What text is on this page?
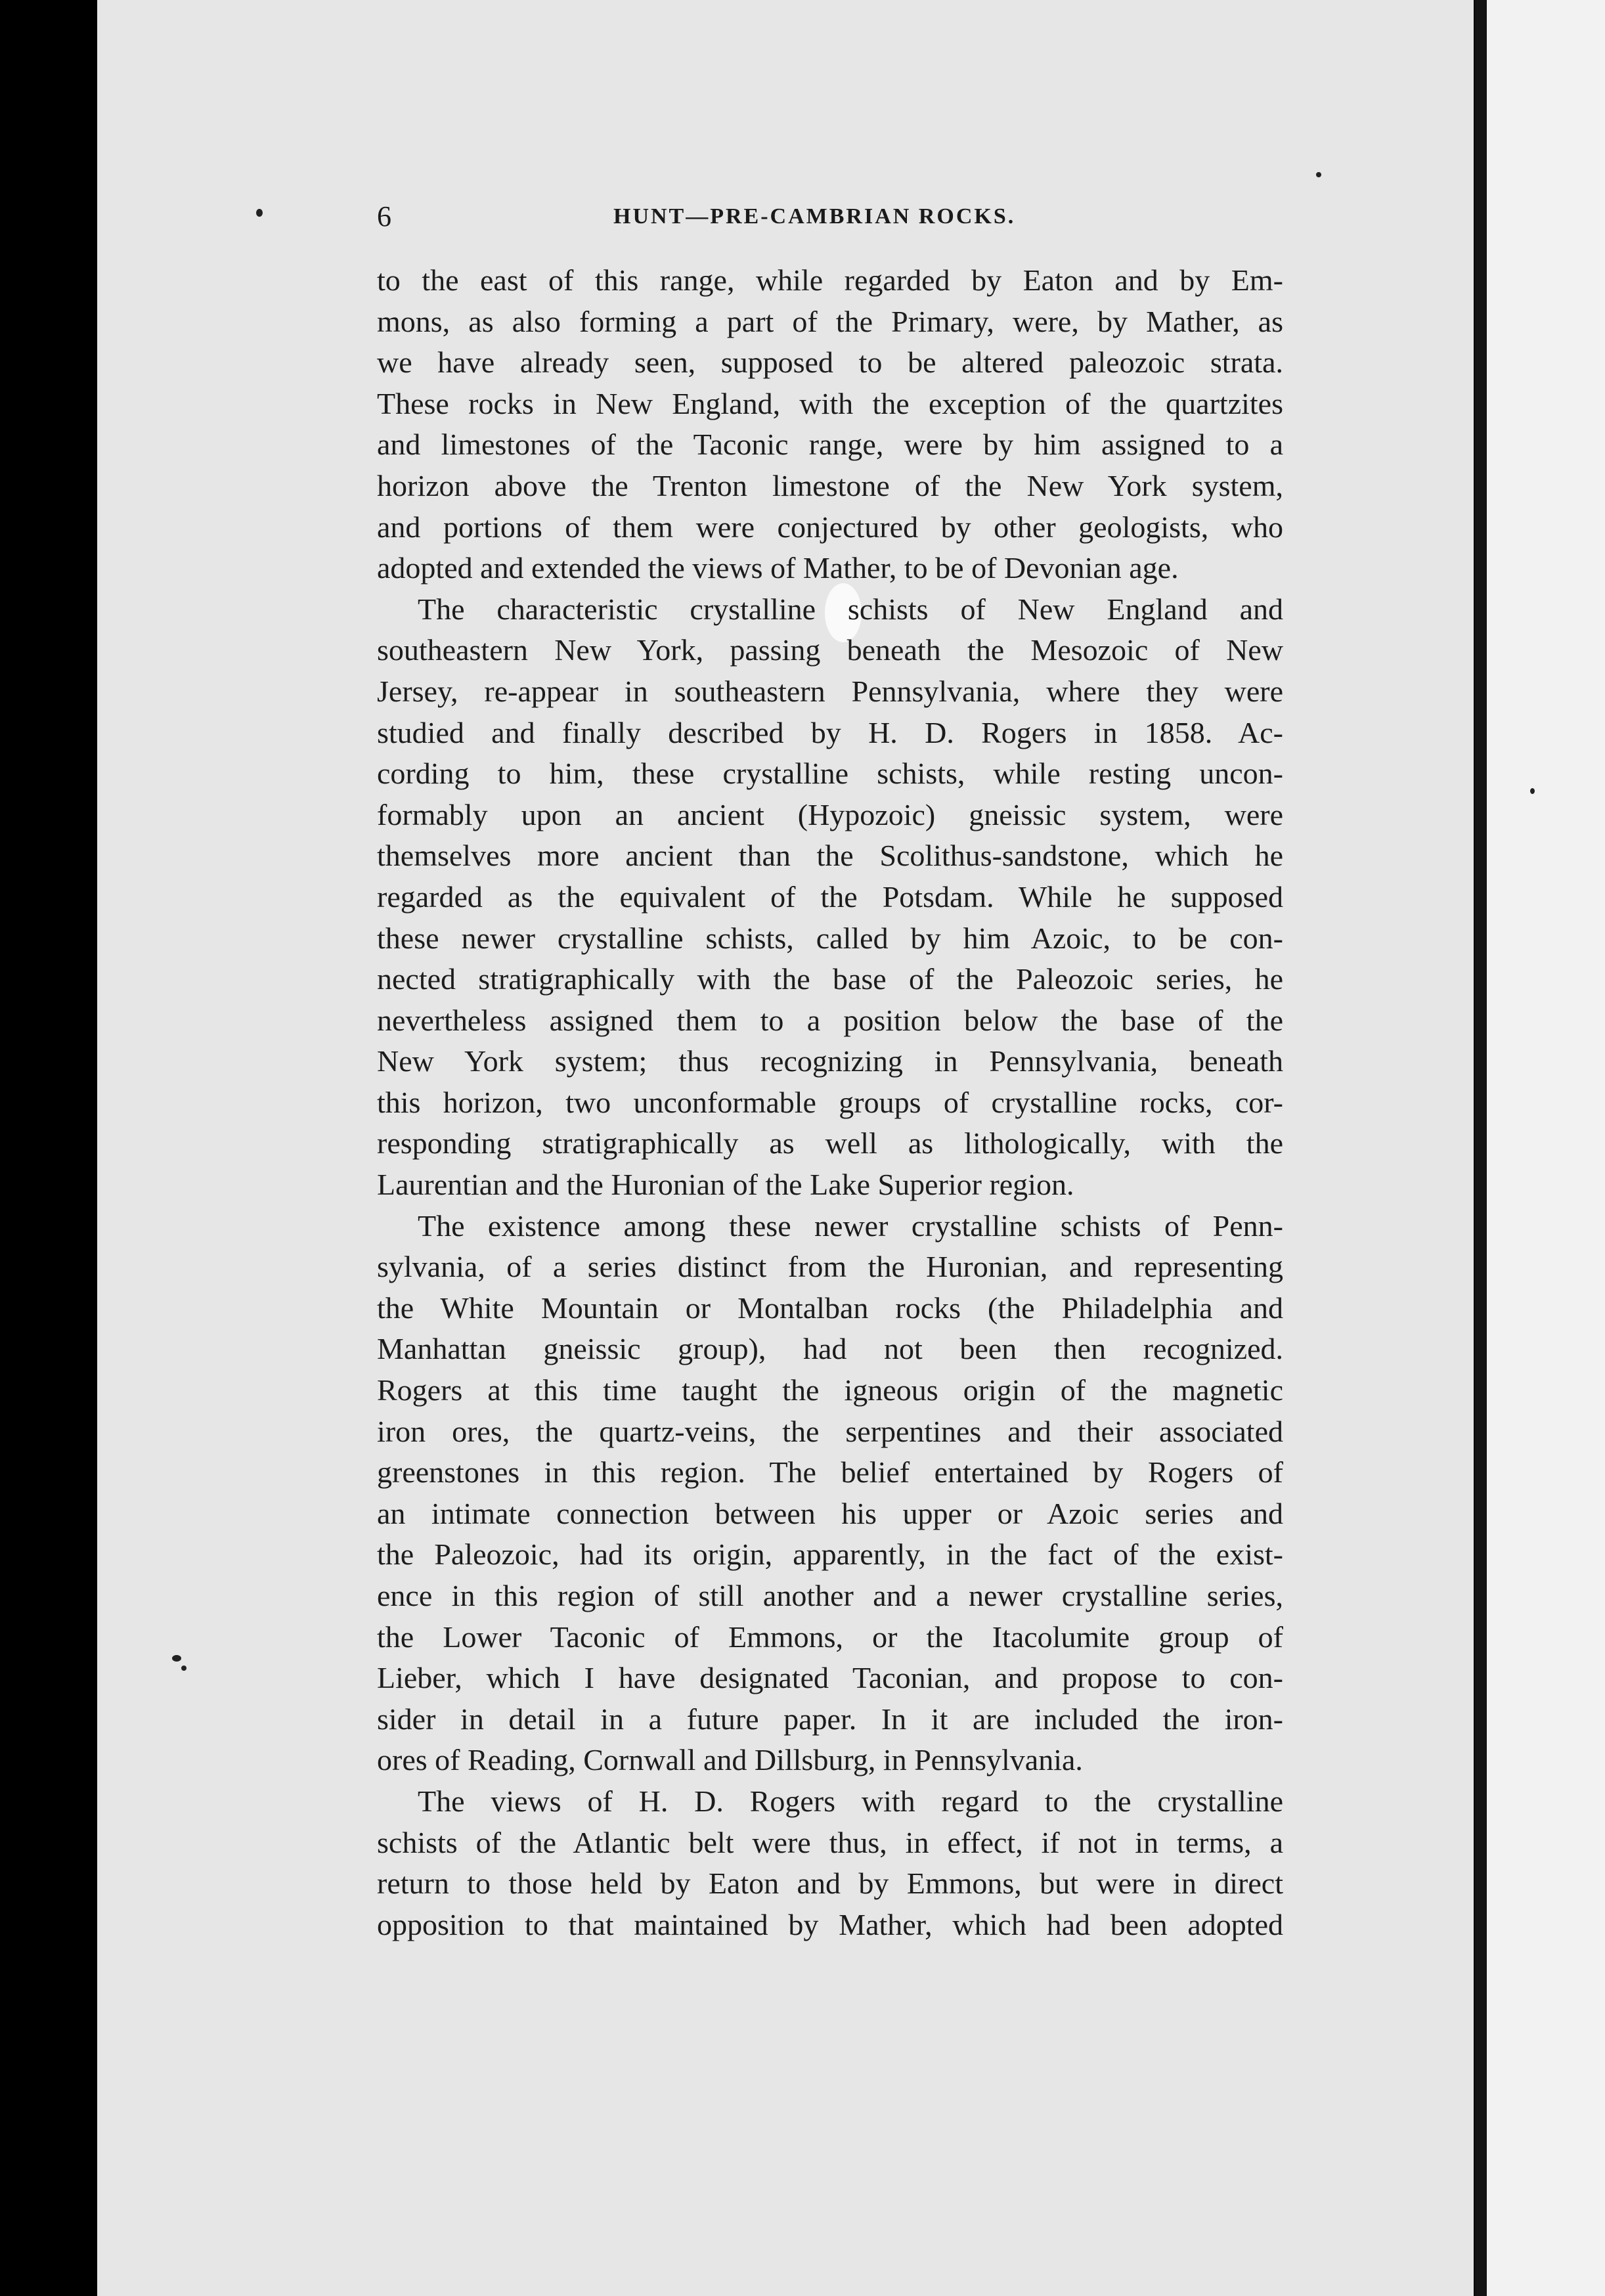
6	HUNT—PRE-CAMBRIAN ROCKS.
to the east of this range, while regarded by Eaton and by Em-
mons, as also forming a part of the Primary, were, by Mather, as
we have already seen, supposed to be altered paleozoic strata.
These rocks in New England, with the exception of the quartzites
and limestones of the Taconic range, were by him assigned to a
horizon above the Trenton limestone of the New York system,
and portions of them were conjectured by other geologists, who
adopted and extended the views of Mather, to be of Devonian age.
The characteristic crystalline schists of New England and
southeastern New York, passing beneath the Mesozoic of New
Jersey, re-appear in southeastern Pennsylvania, where they were
studied and finally described by H. D. Rogers in 1858. Ac-
cording to him, these crystalline schists, while resting uncon-
formably upon an ancient (Hypozoic) gneissic system, were
themselves more ancient than the Scolithus-sandstone, which he
regarded as the equivalent of the Potsdam. While he supposed
these newer crystalline schists, called by him Azoic, to be con-
nected stratigraphically with the base of the Paleozoic series, he
nevertheless assigned them to a position below the base of the
New York system; thus recognizing in Pennsylvania, beneath
this horizon, two unconformable groups of crystalline rocks, cor-
responding stratigraphically as well as lithologically, with the
Laurentian and the Huronian of the Lake Superior region.
The existence among these newer crystalline schists of Penn-
sylvania, of a series distinct from the Huronian, and representing
the White Mountain or Montalban rocks (the Philadelphia and
Manhattan gneissic group), had not been then recognized.
Rogers at this time taught the igneous origin of the magnetic
iron ores, the quartz-veins, the serpentines and their associated
greenstones in this region. The belief entertained by Rogers of
an intimate connection between his upper or Azoic series and
the Paleozoic, had its origin, apparently, in the fact of the exist-
ence in this region of still another and a newer crystalline series,
the Lower Taconic of Emmons, or the Itacolumite group of
Lieber, which I have designated Taconian, and propose to con-
sider in detail in a future paper. In it are included the iron-
ores of Reading, Cornwall and Dillsburg, in Pennsylvania.
The views of H. D. Rogers with regard to the crystalline
schists of the Atlantic belt were thus, in effect, if not in terms, a
return to those held by Eaton and by Emmons, but were in direct
opposition to that maintained by Mather, which had been adopted
